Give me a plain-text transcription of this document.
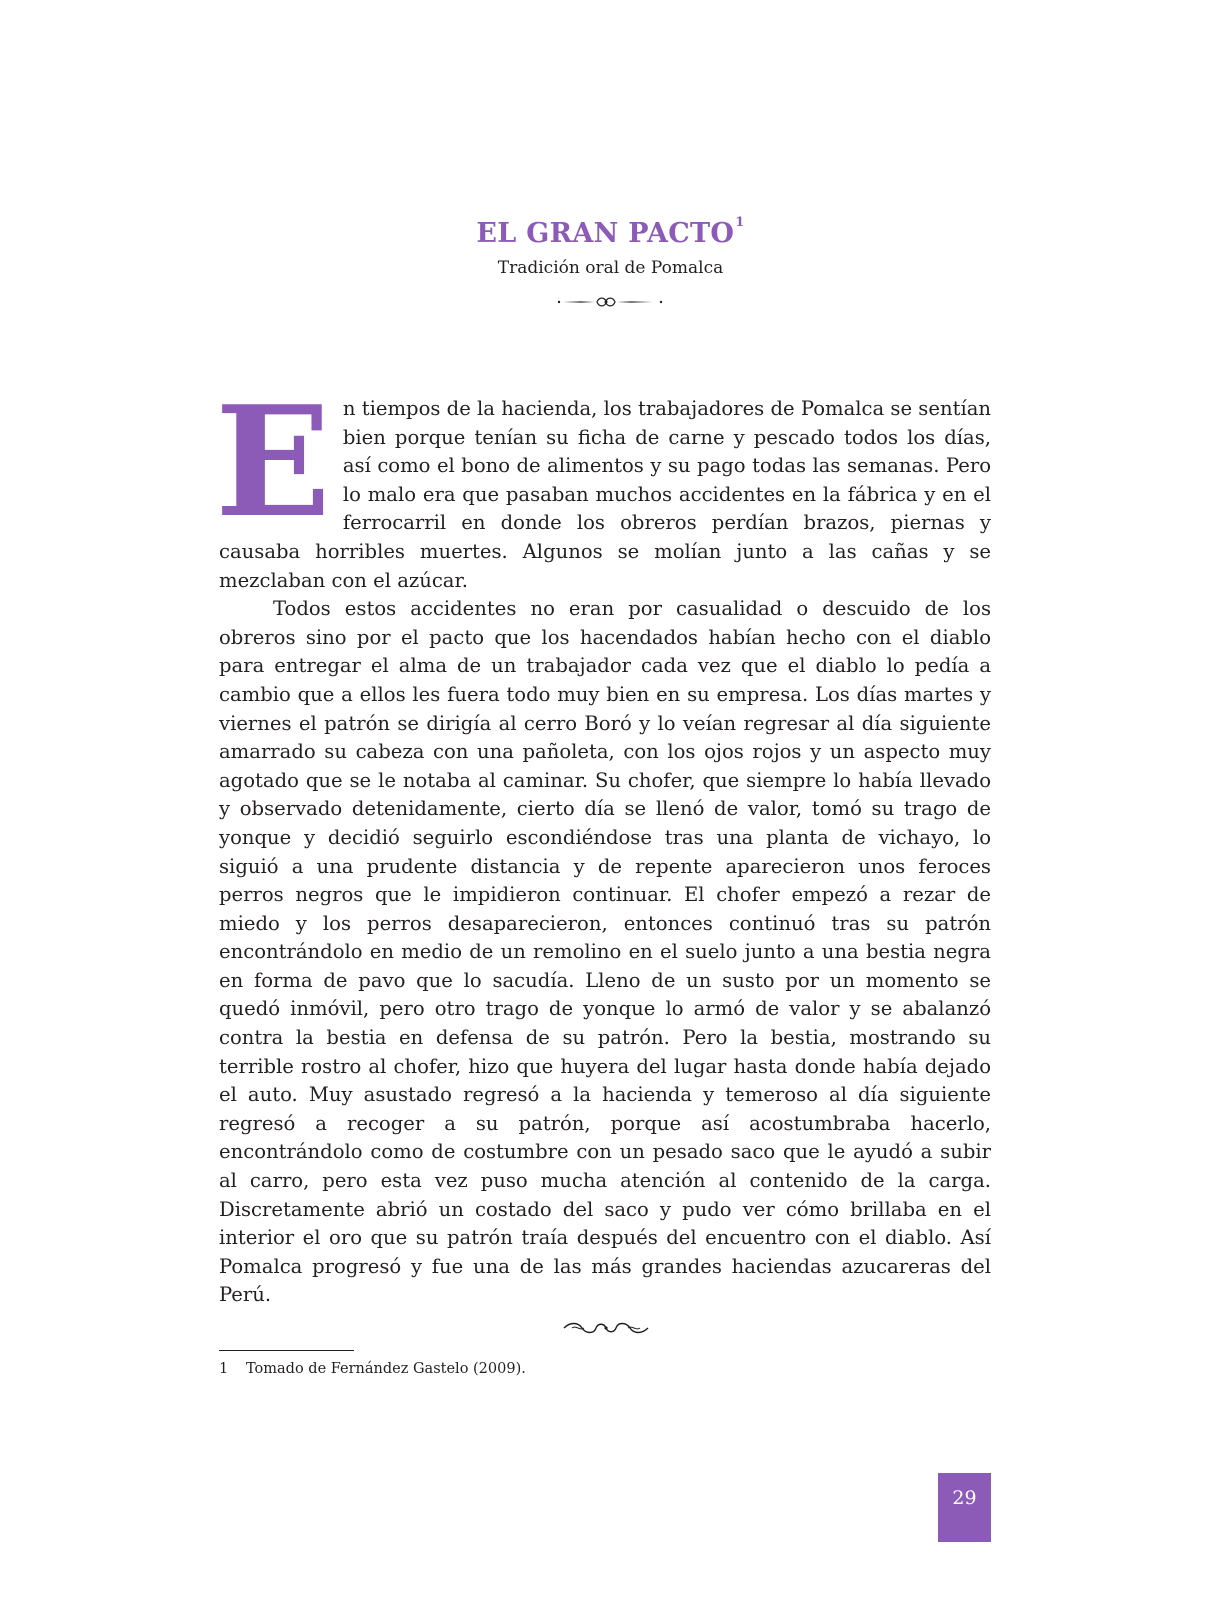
EL GRAN PACTO$^1$

Tradición oral de Pomalca

En tiempos de la hacienda, los trabajadores de Pomalca se sentían bien porque tenían su ficha de carne y pescado todos los días, así como el bono de alimentos y su pago todas las semanas. Pero lo malo era que pasaban muchos accidentes en la fábrica y en el ferrocarril en donde los obreros perdían brazos, piernas y causaba horribles muertes. Algunos se molían junto a las cañas y se mezclaban con el azúcar.

Todos estos accidentes no eran por casualidad o descuido de los obreros sino por el pacto que los hacendados habían hecho con el diablo para entregar el alma de un trabajador cada vez que el diablo lo pedía a cambio que a ellos les fuera todo muy bien en su empresa. Los días martes y viernes el patrón se dirigía al cerro Boró y lo veían regresar al día siguiente amarrado su cabeza con una pañoleta, con los ojos rojos y un aspecto muy agotado que se le notaba al caminar. Su chofer, que siempre lo había llevado y observado detenidamente, cierto día se llenó de valor, tomó su trago de yonque y decidió seguirlo escondiéndose tras una planta de vichayo, lo siguió a una prudente distancia y de repente aparecieron unos feroces perros negros que le impidieron continuar. El chofer empezó a rezar de miedo y los perros desaparecieron, entonces continuó tras su patrón encontrándolo en medio de un remolino en el suelo junto a una bestia negra en forma de pavo que lo sacudía. Lleno de un susto por un momento se quedó inmóvil, pero otro trago de yonque lo armó de valor y se abalanzó contra la bestia en defensa de su patrón. Pero la bestia, mostrando su terrible rostro al chofer, hizo que huyera del lugar hasta donde había dejado el auto. Muy asustado regresó a la hacienda y temeroso al día siguiente regresó a recoger a su patrón, porque así acostumbraba hacerlo, encontrándolo como de costumbre con un pesado saco que le ayudó a subir al carro, pero esta vez puso mucha atención al contenido de la carga. Discretamente abrió un costado del saco y pudo ver cómo brillaba en el interior el oro que su patrón traía después del encuentro con el diablo. Así Pomalca progresó y fue una de las más grandes haciendas azucareras del Perú.

1 Tomado de Fernández Gastelo (2009).
29
